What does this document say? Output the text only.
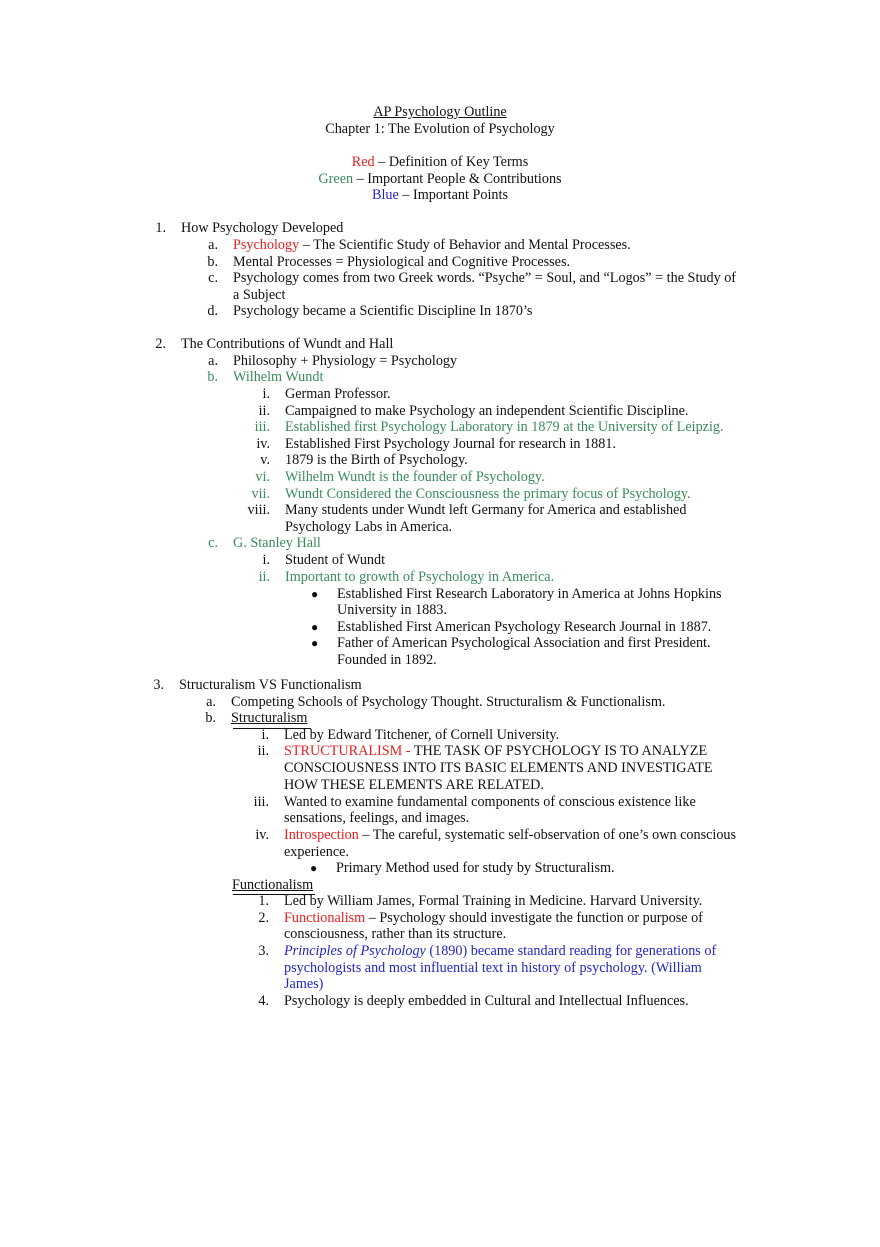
AP Psychology Outline
Chapter 1: The Evolution of Psychology
Red – Definition of Key Terms
Green – Important People & Contributions
Blue – Important Points
1. How Psychology Developed
a. Psychology – The Scientific Study of Behavior and Mental Processes.
b. Mental Processes = Physiological and Cognitive Processes.
c. Psychology comes from two Greek words. “Psyche” = Soul, and “Logos” = the Study of
a Subject
d. Psychology became a Scientific Discipline In 1870’s
2. The Contributions of Wundt and Hall
a. Philosophy + Physiology = Psychology
b. Wilhelm Wundt
i. German Professor.
ii. Campaigned to make Psychology an independent Scientific Discipline.
iii. Established first Psychology Laboratory in 1879 at the University of Leipzig.
iv. Established First Psychology Journal for research in 1881.
v. 1879 is the Birth of Psychology.
vi. Wilhelm Wundt is the founder of Psychology.
vii. Wundt Considered the Consciousness the primary focus of Psychology.
viii. Many students under Wundt left Germany for America and established
Psychology Labs in America.
c. G. Stanley Hall
i. Student of Wundt
ii. Important to growth of Psychology in America.
● Established First Research Laboratory in America at Johns Hopkins
University in 1883.
● Established First American Psychology Research Journal in 1887.
● Father of American Psychological Association and first President.
Founded in 1892.
3. Structuralism VS Functionalism
a. Competing Schools of Psychology Thought. Structuralism & Functionalism.
b. Structuralism
i. Led by Edward Titchener, of Cornell University.
ii. STRUCTURALISM - THE TASK OF PSYCHOLOGY IS TO ANALYZE
CONSCIOUSNESS INTO ITS BASIC ELEMENTS AND INVESTIGATE
HOW THESE ELEMENTS ARE RELATED.
iii. Wanted to examine fundamental components of conscious existence like
sensations, feelings, and images.
iv. Introspection – The careful, systematic self-observation of one’s own conscious
experience.
● Primary Method used for study by Structuralism.
Functionalism
1. Led by William James, Formal Training in Medicine. Harvard University.
2. Functionalism – Psychology should investigate the function or purpose of
consciousness, rather than its structure.
3. Principles of Psychology (1890) became standard reading for generations of
psychologists and most influential text in history of psychology. (William
James)
4. Psychology is deeply embedded in Cultural and Intellectual Influences.
